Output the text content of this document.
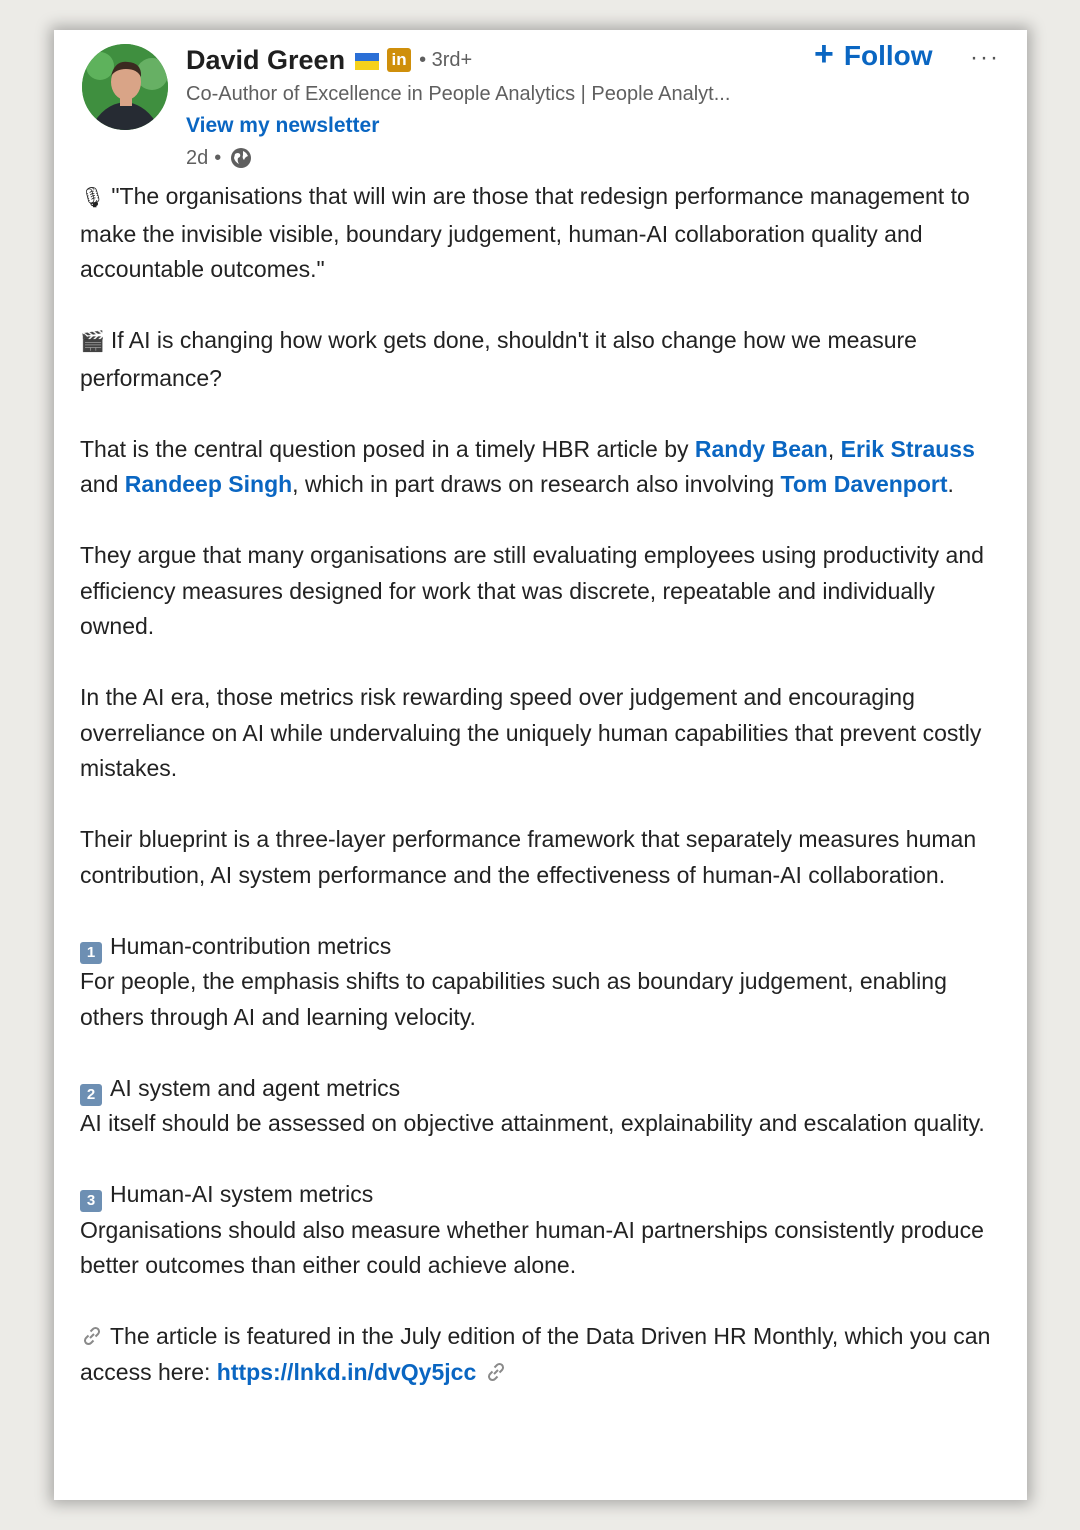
David Green	in • 3rd+
Co-Author of Excellence in People Analytics | People Analyt...
View my newsletter
2d •
+ Follow ···

🎙 "The organisations that will win are those that redesign performance management to make the invisible visible, boundary judgement, human-AI collaboration quality and accountable outcomes."

🎬 If AI is changing how work gets done, shouldn't it also change how we measure performance?

That is the central question posed in a timely HBR article by Randy Bean, Erik Strauss and Randeep Singh, which in part draws on research also involving Tom Davenport.

They argue that many organisations are still evaluating employees using productivity and efficiency measures designed for work that was discrete, repeatable and individually owned.

In the AI era, those metrics risk rewarding speed over judgement and encouraging overreliance on AI while undervaluing the uniquely human capabilities that prevent costly mistakes.

Their blueprint is a three-layer performance framework that separately measures human contribution, AI system performance and the effectiveness of human-AI collaboration.

1 Human-contribution metrics
For people, the emphasis shifts to capabilities such as boundary judgement, enabling others through AI and learning velocity.

2 AI system and agent metrics
AI itself should be assessed on objective attainment, explainability and escalation quality.

3 Human-AI system metrics
Organisations should also measure whether human-AI partnerships consistently produce better outcomes than either could achieve alone.

The article is featured in the July edition of the Data Driven HR Monthly, which you can access here: https://lnkd.in/dvQy5jcc
